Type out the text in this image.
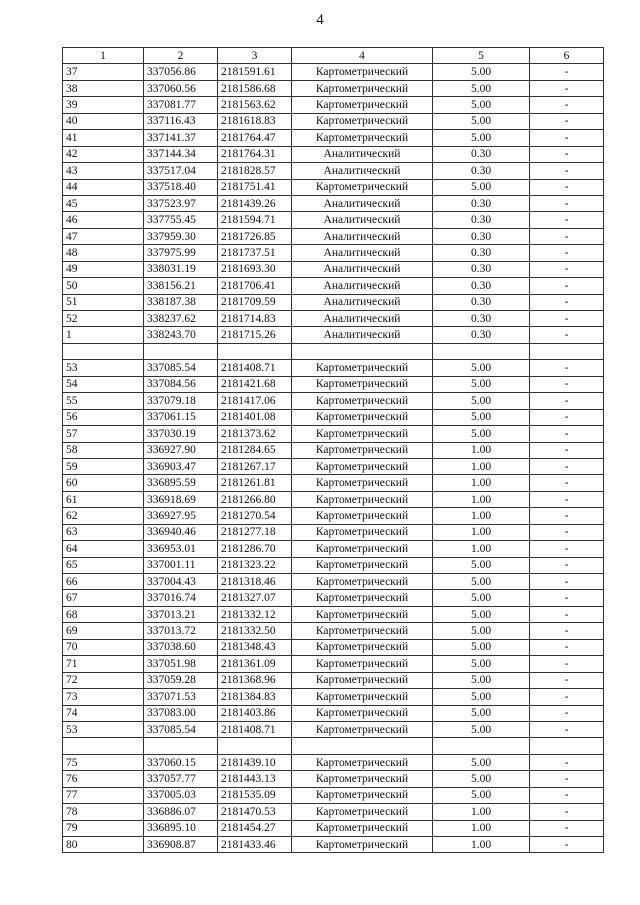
4
1	2	3	4	5	6
37	337056.86	2181591.61	Картометрический	5.00	-
38	337060.56	2181586.68	Картометрический	5.00	-
39	337081.77	2181563.62	Картометрический	5.00	-
40	337116.43	2181618.83	Картометрический	5.00	-
41	337141.37	2181764.47	Картометрический	5.00	-
42	337144.34	2181764.31	Аналитический	0.30	-
43	337517.04	2181828.57	Аналитический	0.30	-
44	337518.40	2181751.41	Картометрический	5.00	-
45	337523.97	2181439.26	Аналитический	0.30	-
46	337755.45	2181594.71	Аналитический	0.30	-
47	337959.30	2181726.85	Аналитический	0.30	-
48	337975.99	2181737.51	Аналитический	0.30	-
49	338031.19	2181693.30	Аналитический	0.30	-
50	338156.21	2181706.41	Аналитический	0.30	-
51	338187.38	2181709.59	Аналитический	0.30	-
52	338237.62	2181714.83	Аналитический	0.30	-
1	338243.70	2181715.26	Аналитический	0.30	-

53	337085.54	2181408.71	Картометрический	5.00	-
54	337084.56	2181421.68	Картометрический	5.00	-
55	337079.18	2181417.06	Картометрический	5.00	-
56	337061.15	2181401.08	Картометрический	5.00	-
57	337030.19	2181373.62	Картометрический	5.00	-
58	336927.90	2181284.65	Картометрический	1.00	-
59	336903.47	2181267.17	Картометрический	1.00	-
60	336895.59	2181261.81	Картометрический	1.00	-
61	336918.69	2181266.80	Картометрический	1.00	-
62	336927.95	2181270.54	Картометрический	1.00	-
63	336940.46	2181277.18	Картометрический	1.00	-
64	336953.01	2181286.70	Картометрический	1.00	-
65	337001.11	2181323.22	Картометрический	5.00	-
66	337004.43	2181318.46	Картометрический	5.00	-
67	337016.74	2181327.07	Картометрический	5.00	-
68	337013.21	2181332.12	Картометрический	5.00	-
69	337013.72	2181332.50	Картометрический	5.00	-
70	337038.60	2181348.43	Картометрический	5.00	-
71	337051.98	2181361.09	Картометрический	5.00	-
72	337059.28	2181368.96	Картометрический	5.00	-
73	337071.53	2181384.83	Картометрический	5.00	-
74	337083.00	2181403.86	Картометрический	5.00	-
53	337085.54	2181408.71	Картометрический	5.00	-

75	337060.15	2181439.10	Картометрический	5.00	-
76	337057.77	2181443.13	Картометрический	5.00	-
77	337005.03	2181535.09	Картометрический	5.00	-
78	336886.07	2181470.53	Картометрический	1.00	-
79	336895.10	2181454.27	Картометрический	1.00	-
80	336908.87	2181433.46	Картометрический	1.00	-
